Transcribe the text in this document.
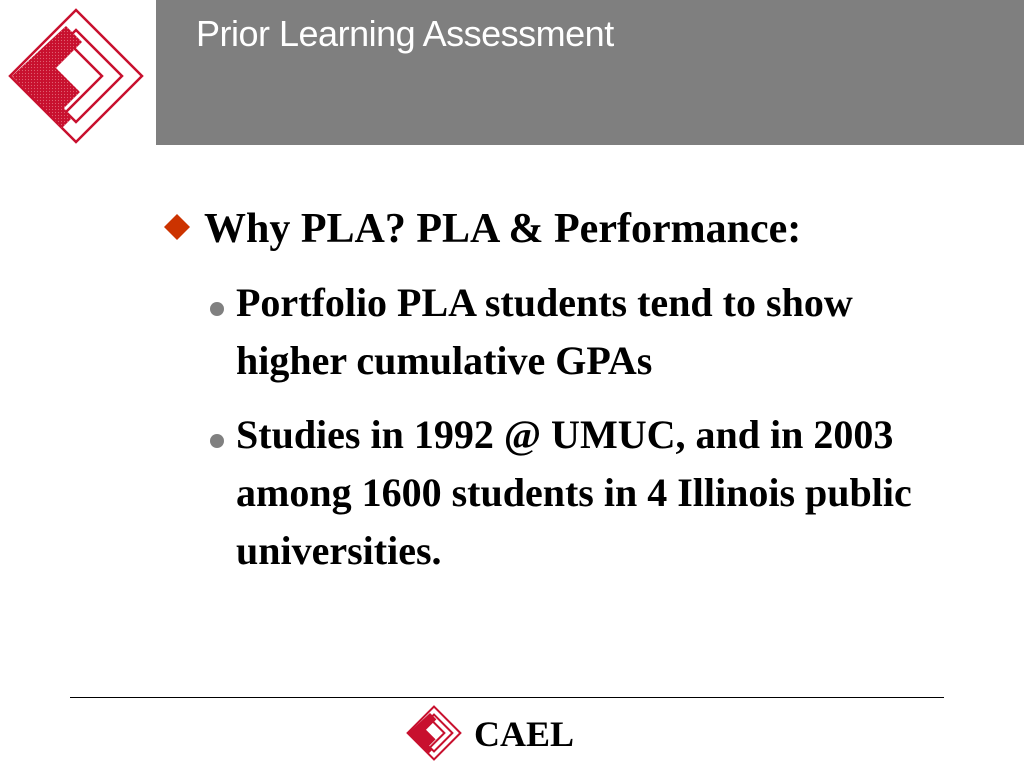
Prior Learning Assessment
Why PLA? PLA & Performance:
Portfolio PLA students tend to show higher cumulative GPAs
Studies in 1992 @ UMUC, and in 2003 among 1600 students in 4 Illinois public universities.
CAEL
